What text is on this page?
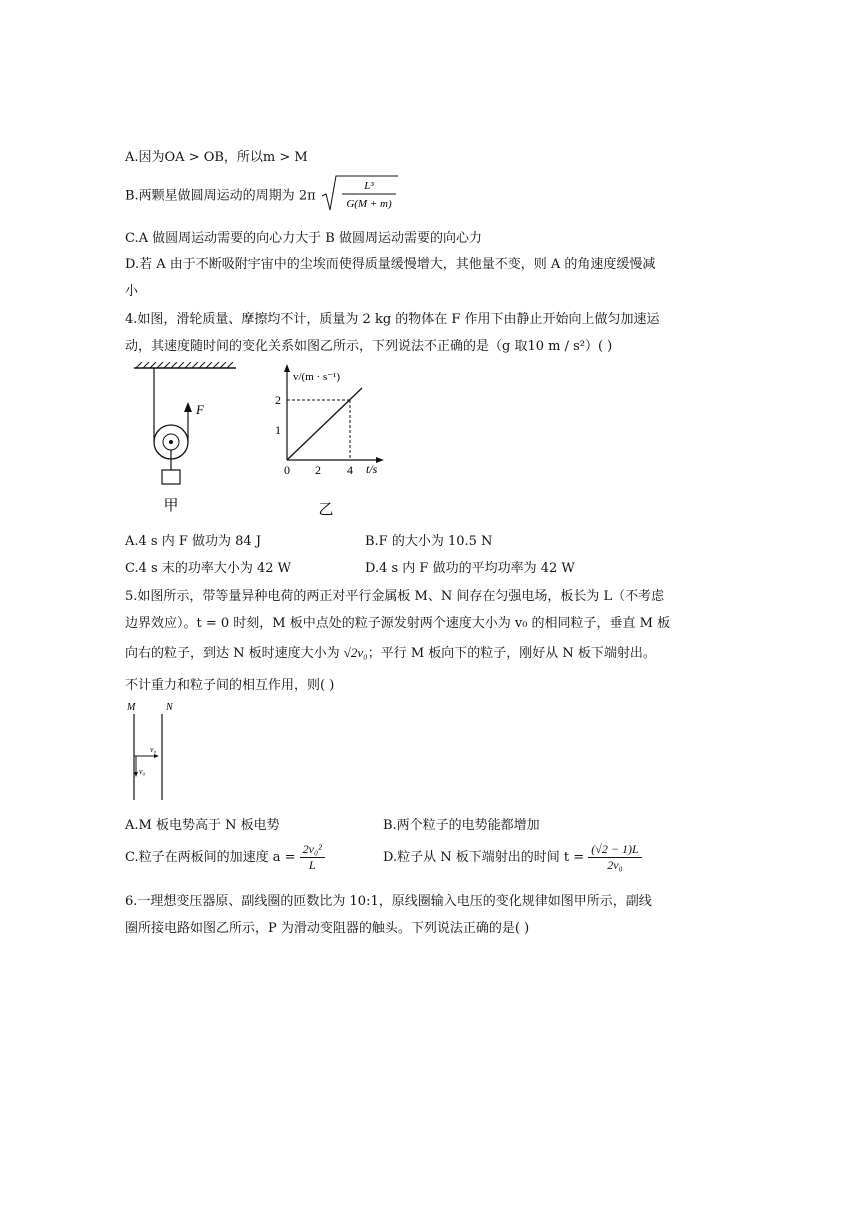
A.因为OA > OB，所以m > M
B.两颗星做圆周运动的周期为 2π
L³
G(M + m)
C.A 做圆周运动需要的向心力大于 B 做圆周运动需要的向心力
D.若 A 由于不断吸附宇宙中的尘埃而使得质量缓慢增大，其他量不变，则 A 的角速度缓慢减
小
4.如图，滑轮质量、摩擦均不计，质量为 2 kg 的物体在 F 作用下由静止开始向上做匀加速运
动，其速度随时间的变化关系如图乙所示，下列说法不正确的是（g 取10 m / s²）( )
F
甲
v/(m · s⁻¹)
t/s
2
1
0 2 4
乙
A.4 s 内 F 做功为 84 J	B.F 的大小为 10.5 N
C.4 s 末的功率大小为 42 W	D.4 s 内 F 做功的平均功率为 42 W
5.如图所示，带等量异种电荷的两正对平行金属板 M、N 间存在匀强电场，板长为 L（不考虑
边界效应）。t = 0 时刻，M 板中点处的粒子源发射两个速度大小为 v₀ 的相同粒子，垂直 M 板
向右的粒子，到达 N 板时速度大小为 √2v₀；平行 M 板向下的粒子，刚好从 N 板下端射出。
不计重力和粒子间的相互作用，则( )
M	N
v₀
v₀
A.M 板电势高于 N 板电势	B.两个粒子的电势能都增加
C.粒子在两板间的加速度 $a = \frac{\text{2v₀²}}{L}$	D.粒子从 N 板下端射出的时间 $t = \frac{(√2 - 1)L}{\text{2v₀}}$
6.一理想变压器原、副线圈的匝数比为 10:1，原线圈输入电压的变化规律如图甲所示，副线
圈所接电路如图乙所示，P 为滑动变阻器的触头。下列说法正确的是( )
